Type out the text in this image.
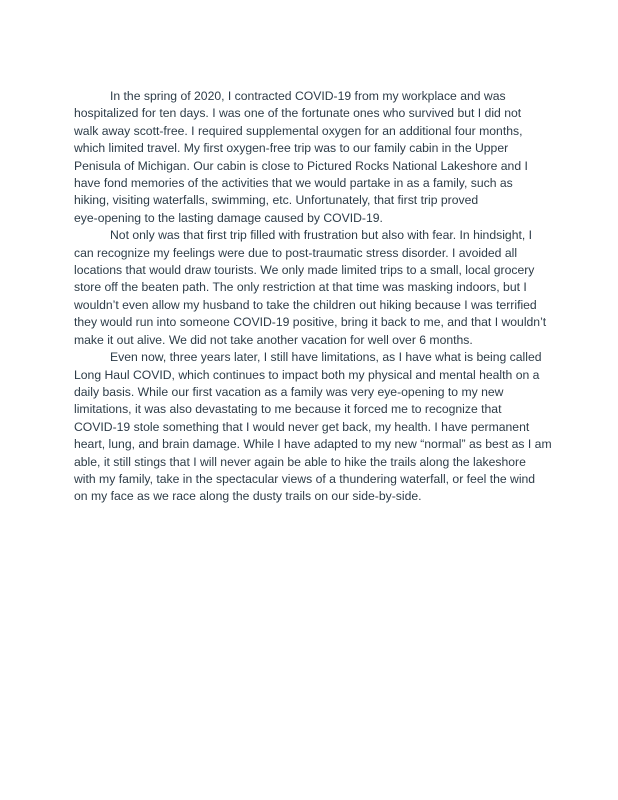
In the spring of 2020, I contracted COVID-19 from my workplace and was
hospitalized for ten days. I was one of the fortunate ones who survived but I did not
walk away scott-free. I required supplemental oxygen for an additional four months,
which limited travel. My first oxygen-free trip was to our family cabin in the Upper
Penisula of Michigan. Our cabin is close to Pictured Rocks National Lakeshore and I
have fond memories of the activities that we would partake in as a family, such as
hiking, visiting waterfalls, swimming, etc. Unfortunately, that first trip proved
eye-opening to the lasting damage caused by COVID-19.
Not only was that first trip filled with frustration but also with fear. In hindsight, I
can recognize my feelings were due to post-traumatic stress disorder. I avoided all
locations that would draw tourists. We only made limited trips to a small, local grocery
store off the beaten path. The only restriction at that time was masking indoors, but I
wouldn’t even allow my husband to take the children out hiking because I was terrified
they would run into someone COVID-19 positive, bring it back to me, and that I wouldn’t
make it out alive. We did not take another vacation for well over 6 months.
Even now, three years later, I still have limitations, as I have what is being called
Long Haul COVID, which continues to impact both my physical and mental health on a
daily basis. While our first vacation as a family was very eye-opening to my new
limitations, it was also devastating to me because it forced me to recognize that
COVID-19 stole something that I would never get back, my health. I have permanent
heart, lung, and brain damage. While I have adapted to my new “normal” as best as I am
able, it still stings that I will never again be able to hike the trails along the lakeshore
with my family, take in the spectacular views of a thundering waterfall, or feel the wind
on my face as we race along the dusty trails on our side-by-side.
